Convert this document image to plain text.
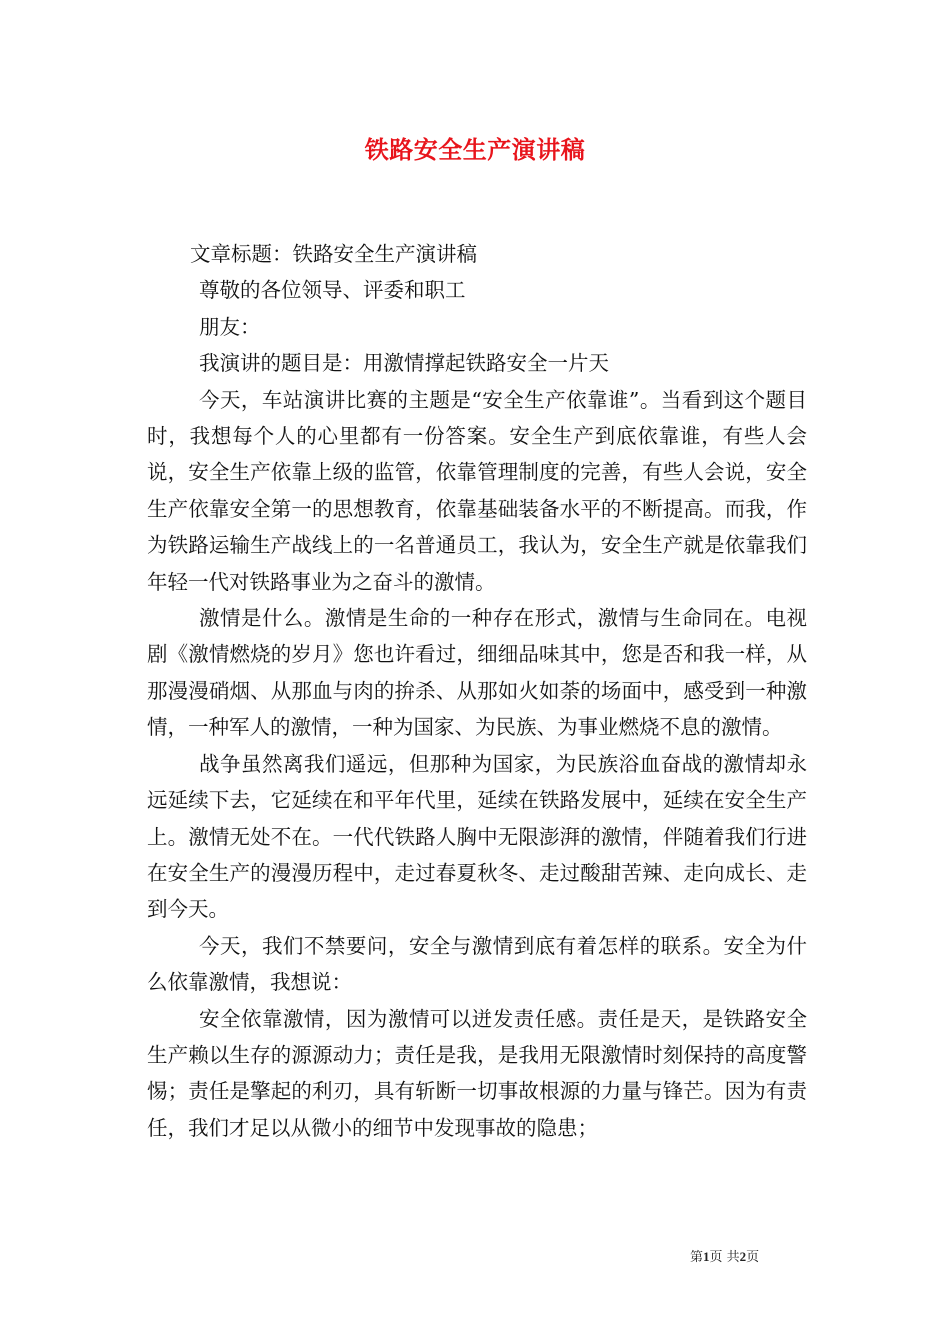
铁路安全生产演讲稿

文章标题：铁路安全生产演讲稿

尊敬的各位领导、评委和职工

朋友：

我演讲的题目是：用激情撑起铁路安全一片天

今天，车站演讲比赛的主题是“安全生产依靠谁”。当看到这个题目时，我想每个人的心里都有一份答案。安全生产到底依靠谁，有些人会说，安全生产依靠上级的监管，依靠管理制度的完善，有些人会说，安全生产依靠安全第一的思想教育，依靠基础装备水平的不断提高。而我，作为铁路运输生产战线上的一名普通员工，我认为，安全生产就是依靠我们年轻一代对铁路事业为之奋斗的激情。

激情是什么。激情是生命的一种存在形式，激情与生命同在。电视剧《激情燃烧的岁月》您也许看过，细细品味其中，您是否和我一样，从那漫漫硝烟、从那血与肉的拚杀、从那如火如荼的场面中，感受到一种激情，一种军人的激情，一种为国家、为民族、为事业燃烧不息的激情。

战争虽然离我们遥远，但那种为国家，为民族浴血奋战的激情却永远延续下去，它延续在和平年代里，延续在铁路发展中，延续在安全生产上。激情无处不在。一代代铁路人胸中无限澎湃的激情，伴随着我们行进在安全生产的漫漫历程中，走过春夏秋冬、走过酸甜苦辣、走向成长、走到今天。

今天，我们不禁要问，安全与激情到底有着怎样的联系。安全为什么依靠激情，我想说：

安全依靠激情，因为激情可以迸发责任感。责任是天，是铁路安全生产赖以生存的源源动力；责任是我，是我用无限激情时刻保持的高度警惕；责任是擎起的利刃，具有斩断一切事故根源的力量与锋芒。因为有责任，我们才足以从微小的细节中发现事故的隐患；

第1页 共2页
